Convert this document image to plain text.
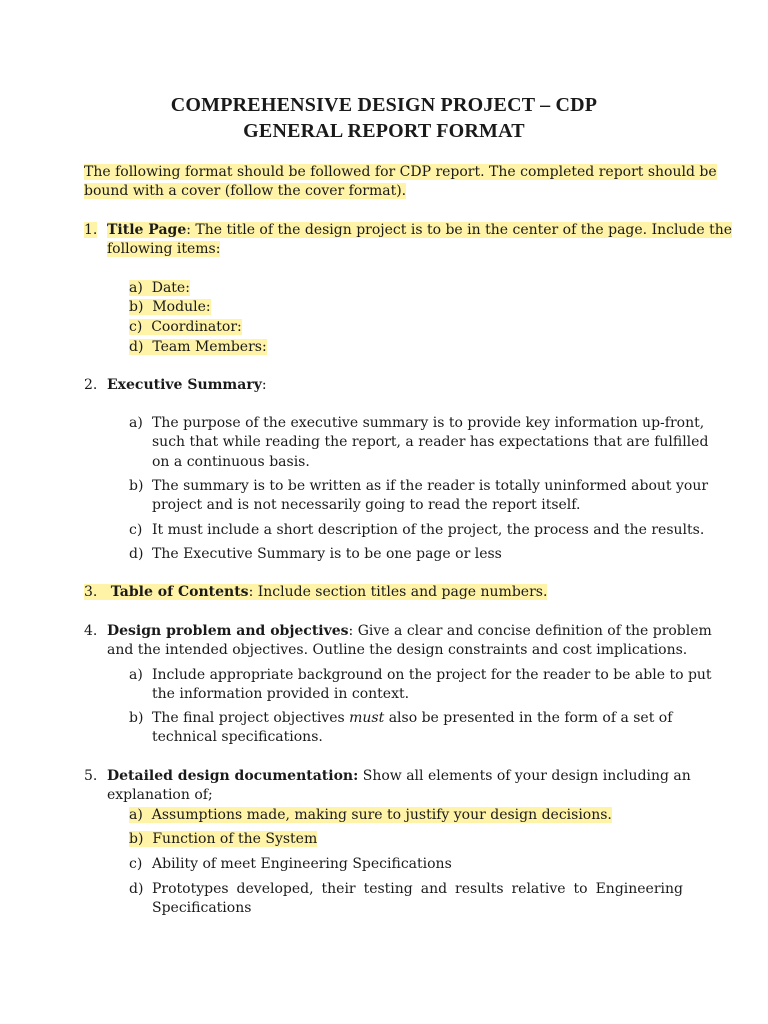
COMPREHENSIVE DESIGN PROJECT – CDP
GENERAL REPORT FORMAT
The following format should be followed for CDP report. The completed report should be
bound with a cover (follow the cover format).
1. Title Page: The title of the design project is to be in the center of the page. Include the
following items:
a) Date:
b) Module:
c) Coordinator:
d) Team Members:
2. Executive Summary:
a) The purpose of the executive summary is to provide key information up-front,
such that while reading the report, a reader has expectations that are fulfilled
on a continuous basis.
b) The summary is to be written as if the reader is totally uninformed about your
project and is not necessarily going to read the report itself.
c) It must include a short description of the project, the process and the results.
d) The Executive Summary is to be one page or less
3. Table of Contents: Include section titles and page numbers.
4. Design problem and objectives: Give a clear and concise definition of the problem
and the intended objectives. Outline the design constraints and cost implications.
a) Include appropriate background on the project for the reader to be able to put
the information provided in context.
b) The final project objectives must also be presented in the form of a set of
technical specifications.
5. Detailed design documentation: Show all elements of your design including an
explanation of;
a) Assumptions made, making sure to justify your design decisions.
b) Function of the System
c) Ability of meet Engineering Specifications
d) Prototypes developed, their testing and results relative to Engineering
Specifications
